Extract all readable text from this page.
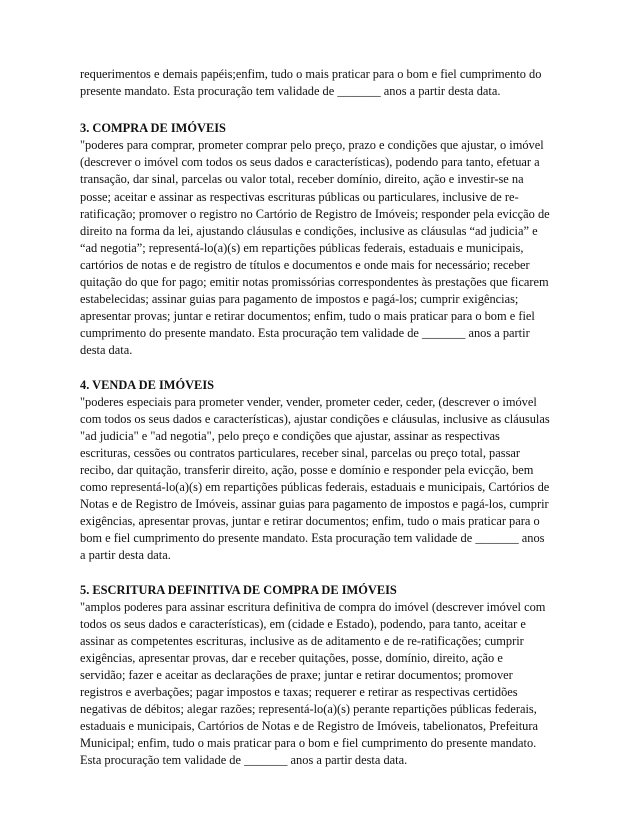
requerimentos e demais papéis;enfim, tudo o mais praticar para o bom e fiel cumprimento do presente mandato. Esta procuração tem validade de _______ anos a partir desta data.

3. COMPRA DE IMÓVEIS

"poderes para comprar, prometer comprar pelo preço, prazo e condições que ajustar, o imóvel (descrever o imóvel com todos os seus dados e características), podendo para tanto, efetuar a transação, dar sinal, parcelas ou valor total, receber domínio, direito, ação e investir-se na posse; aceitar e assinar as respectivas escrituras públicas ou particulares, inclusive de re-ratificação; promover o registro no Cartório de Registro de Imóveis; responder pela evicção de direito na forma da lei, ajustando cláusulas e condições, inclusive as cláusulas “ad judicia” e “ad negotia”; representá-lo(a)(s) em repartições públicas federais, estaduais e municipais, cartórios de notas e de registro de títulos e documentos e onde mais for necessário; receber quitação do que for pago; emitir notas promissórias correspondentes às prestações que ficarem estabelecidas; assinar guias para pagamento de impostos e pagá-los; cumprir exigências; apresentar provas; juntar e retirar documentos; enfim, tudo o mais praticar para o bom e fiel cumprimento do presente mandato. Esta procuração tem validade de _______ anos a partir desta data.

4. VENDA DE IMÓVEIS

"poderes especiais para prometer vender, vender, prometer ceder, ceder, (descrever o imóvel com todos os seus dados e características), ajustar condições e cláusulas, inclusive as cláusulas "ad judicia" e "ad negotia", pelo preço e condições que ajustar, assinar as respectivas escrituras, cessões ou contratos particulares, receber sinal, parcelas ou preço total, passar recibo, dar quitação, transferir direito, ação, posse e domínio e responder pela evicção, bem como representá-lo(a)(s) em repartições públicas federais, estaduais e municipais, Cartórios de Notas e de Registro de Imóveis, assinar guias para pagamento de impostos e pagá-los, cumprir exigências, apresentar provas, juntar e retirar documentos; enfim, tudo o mais praticar para o bom e fiel cumprimento do presente mandato. Esta procuração tem validade de _______ anos a partir desta data.

5. ESCRITURA DEFINITIVA DE COMPRA DE IMÓVEIS

"amplos poderes para assinar escritura definitiva de compra do imóvel (descrever imóvel com todos os seus dados e características), em (cidade e Estado), podendo, para tanto, aceitar e assinar as competentes escrituras, inclusive as de aditamento e de re-ratificações; cumprir exigências, apresentar provas, dar e receber quitações, posse, domínio, direito, ação e servidão; fazer e aceitar as declarações de praxe; juntar e retirar documentos; promover registros e averbações; pagar impostos e taxas; requerer e retirar as respectivas certidões negativas de débitos; alegar razões; representá-lo(a)(s) perante repartições públicas federais, estaduais e municipais, Cartórios de Notas e de Registro de Imóveis, tabelionatos, Prefeitura Municipal; enfim, tudo o mais praticar para o bom e fiel cumprimento do presente mandato. Esta procuração tem validade de _______ anos a partir desta data.
